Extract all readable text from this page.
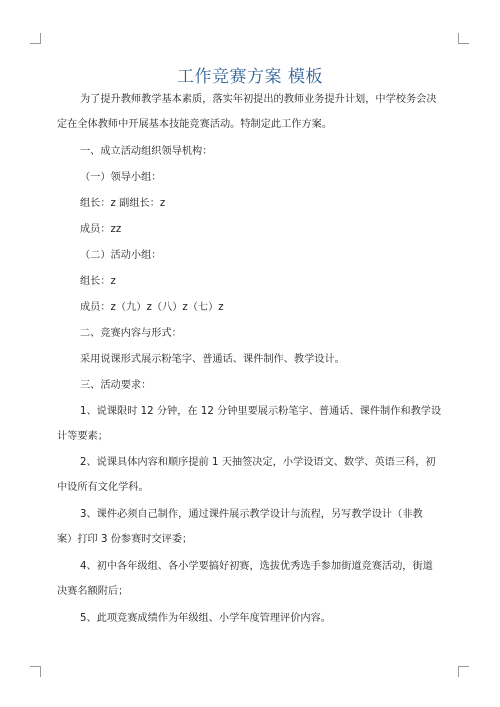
工作竞赛方案 模板
为了提升教师教学基本素质，落实年初提出的教师业务提升计划，中学校务会决
定在全体教师中开展基本技能竞赛活动。特制定此工作方案。
一、成立活动组织领导机构：
（一）领导小组：
组长：z 副组长：z
成员：zz
（二）活动小组：
组长：z
成员：z（九）z（八）z（七）z
二、竞赛内容与形式：
采用说课形式展示粉笔字、普通话、课件制作、教学设计。
三、活动要求：
1、说课限时 12 分钟，在 12 分钟里要展示粉笔字、普通话、课件制作和教学设
计等要素；
2、说课具体内容和顺序提前 1 天抽签决定，小学设语文、数学、英语三科，初
中设所有文化学科。
3、课件必须自己制作，通过课件展示教学设计与流程，另写教学设计（非教
案）打印 3 份参赛时交评委；
4、初中各年级组、各小学要搞好初赛，选拔优秀选手参加街道竞赛活动，街道
决赛名额附后；
5、此项竞赛成绩作为年级组、小学年度管理评价内容。
